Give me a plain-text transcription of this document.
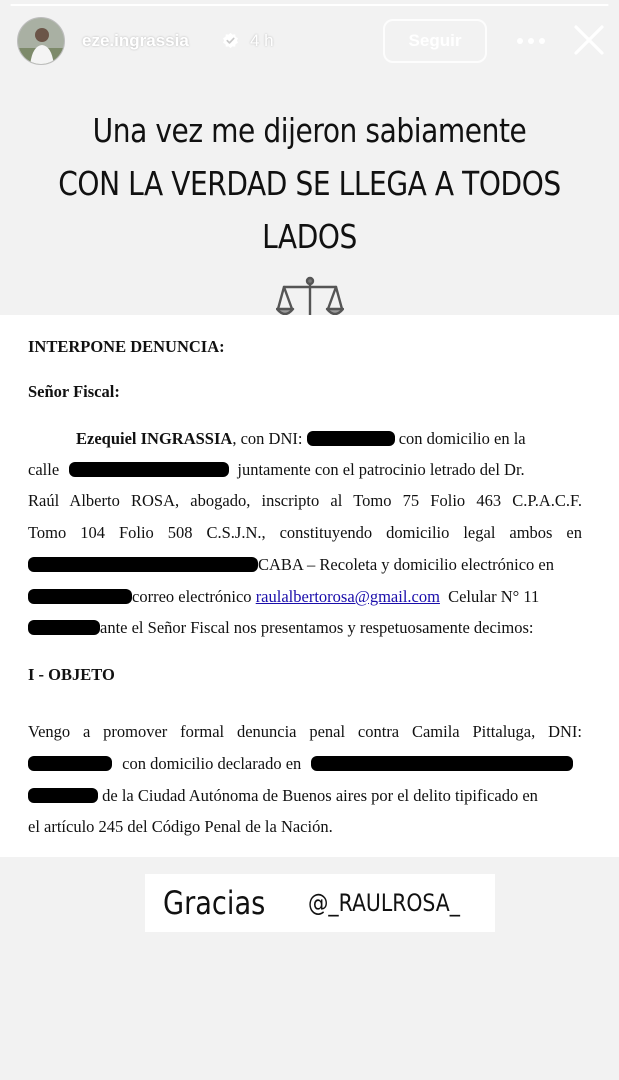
eze.ingrassia	4 h	Seguir
Una vez me dijeron sabiamente
CON LA VERDAD SE LLEGA A TODOS
LADOS
INTERPONE DENUNCIA:
Señor Fiscal:
Ezequiel INGRASSIA, con DNI:	con domicilio en la
calle	juntamente con el patrocinio letrado del Dr.
Raúl Alberto ROSA, abogado, inscripto al Tomo 75 Folio 463 C.P.A.C.F.
Tomo 104 Folio 508 C.S.J.N., constituyendo domicilio legal ambos en
CABA – Recoleta y domicilio electrónico en
correo electrónico raulalbertorosa@gmail.com Celular N° 11
ante el Señor Fiscal nos presentamos y respetuosamente decimos:
I - OBJETO
Vengo a promover formal denuncia penal contra Camila Pittaluga, DNI:
con domicilio declarado en
de la Ciudad Autónoma de Buenos aires por el delito tipificado en
el artículo 245 del Código Penal de la Nación.
Gracias @_RAULROSA_
